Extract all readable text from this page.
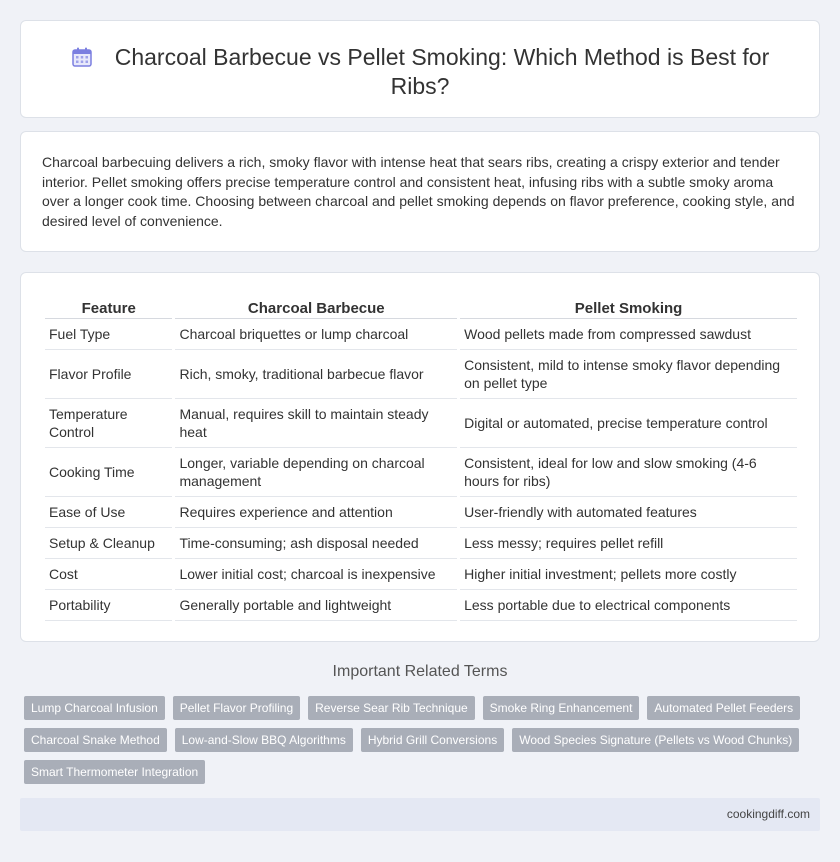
Charcoal Barbecue vs Pellet Smoking: Which Method is Best for Ribs?

Charcoal barbecuing delivers a rich, smoky flavor with intense heat that sears ribs, creating a crispy exterior and tender interior. Pellet smoking offers precise temperature control and consistent heat, infusing ribs with a subtle smoky aroma over a longer cook time. Choosing between charcoal and pellet smoking depends on flavor preference, cooking style, and desired level of convenience.

Feature	Charcoal Barbecue	Pellet Smoking
Fuel Type	Charcoal briquettes or lump charcoal	Wood pellets made from compressed sawdust
Flavor Profile	Rich, smoky, traditional barbecue flavor	Consistent, mild to intense smoky flavor depending on pellet type
Temperature Control	Manual, requires skill to maintain steady heat	Digital or automated, precise temperature control
Cooking Time	Longer, variable depending on charcoal management	Consistent, ideal for low and slow smoking (4-6 hours for ribs)
Ease of Use	Requires experience and attention	User-friendly with automated features
Setup & Cleanup	Time-consuming; ash disposal needed	Less messy; requires pellet refill
Cost	Lower initial cost; charcoal is inexpensive	Higher initial investment; pellets more costly
Portability	Generally portable and lightweight	Less portable due to electrical components
Important Related Terms
Lump Charcoal Infusion	Pellet Flavor Profiling	Reverse Sear Rib Technique	Smoke Ring Enhancement	Automated Pellet Feeders
Charcoal Snake Method	Low-and-Slow BBQ Algorithms	Hybrid Grill Conversions	Wood Species Signature (Pellets vs Wood Chunks)
Smart Thermometer Integration
cookingdiff.com
